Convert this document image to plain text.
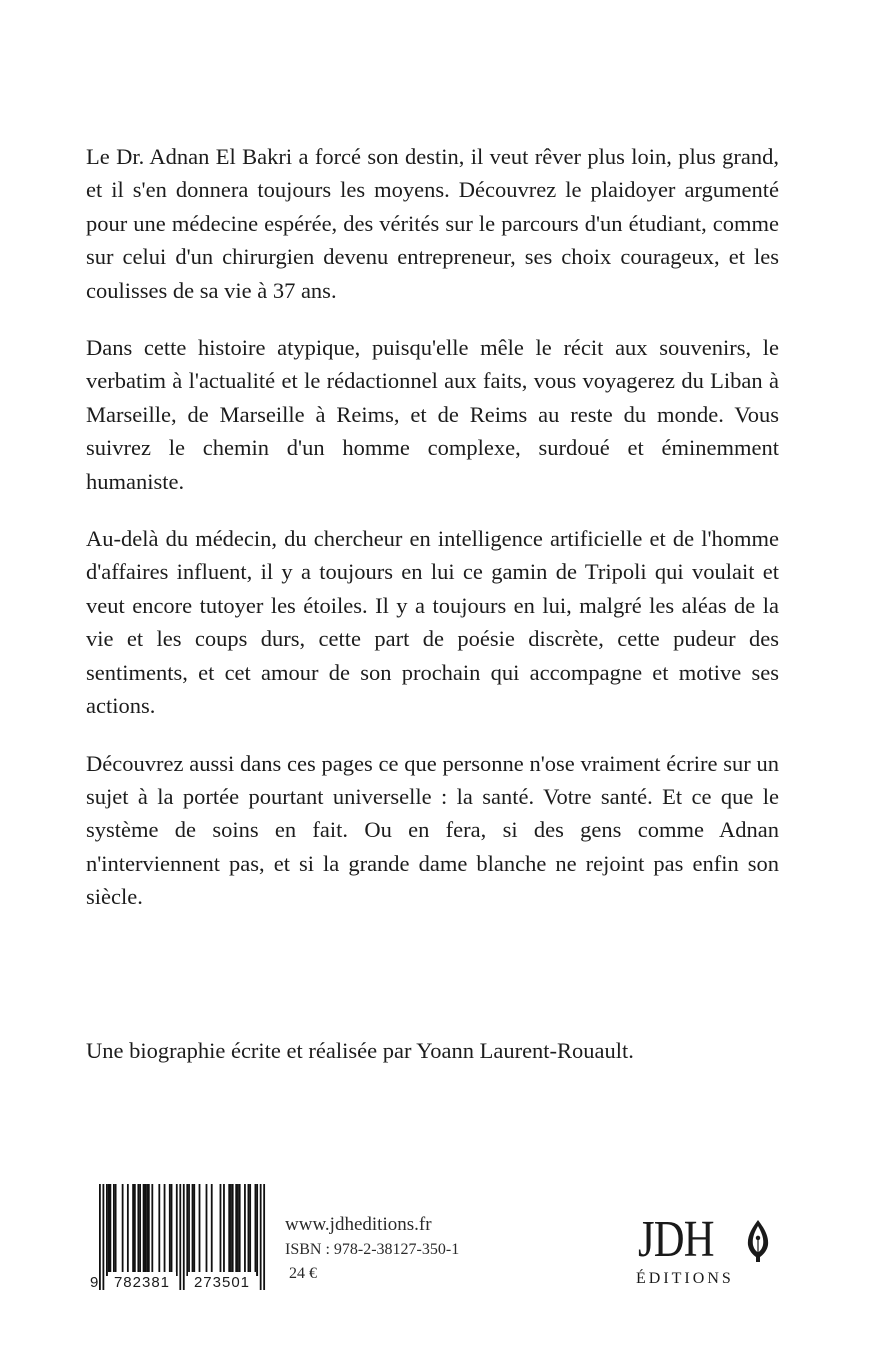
Le Dr. Adnan El Bakri a forcé son destin, il veut rêver plus loin, plus grand, et il s'en donnera toujours les moyens. Découvrez le plaidoyer argumenté pour une médecine espérée, des vérités sur le parcours d'un étudiant, comme sur celui d'un chirurgien devenu entrepreneur, ses choix courageux, et les coulisses de sa vie à 37 ans.

Dans cette histoire atypique, puisqu'elle mêle le récit aux souvenirs, le verbatim à l'actualité et le rédactionnel aux faits, vous voyagerez du Liban à Marseille, de Marseille à Reims, et de Reims au reste du monde. Vous suivrez le chemin d'un homme complexe, surdoué et éminemment humaniste.

Au-delà du médecin, du chercheur en intelligence artificielle et de l'homme d'affaires influent, il y a toujours en lui ce gamin de Tripoli qui voulait et veut encore tutoyer les étoiles. Il y a toujours en lui, malgré les aléas de la vie et les coups durs, cette part de poésie discrète, cette pudeur des sentiments, et cet amour de son prochain qui accompagne et motive ses actions.

Découvrez aussi dans ces pages ce que personne n'ose vraiment écrire sur un sujet à la portée pourtant universelle : la santé. Votre santé. Et ce que le système de soins en fait. Ou en fera, si des gens comme Adnan n'interviennent pas, et si la grande dame blanche ne rejoint pas enfin son siècle.

Une biographie écrite et réalisée par Yoann Laurent-Rouault.

9	782381	273501

www.jdheditions.fr

ISBN : 978-2-38127-350-1

24 €

JDH
ÉDITIONS
